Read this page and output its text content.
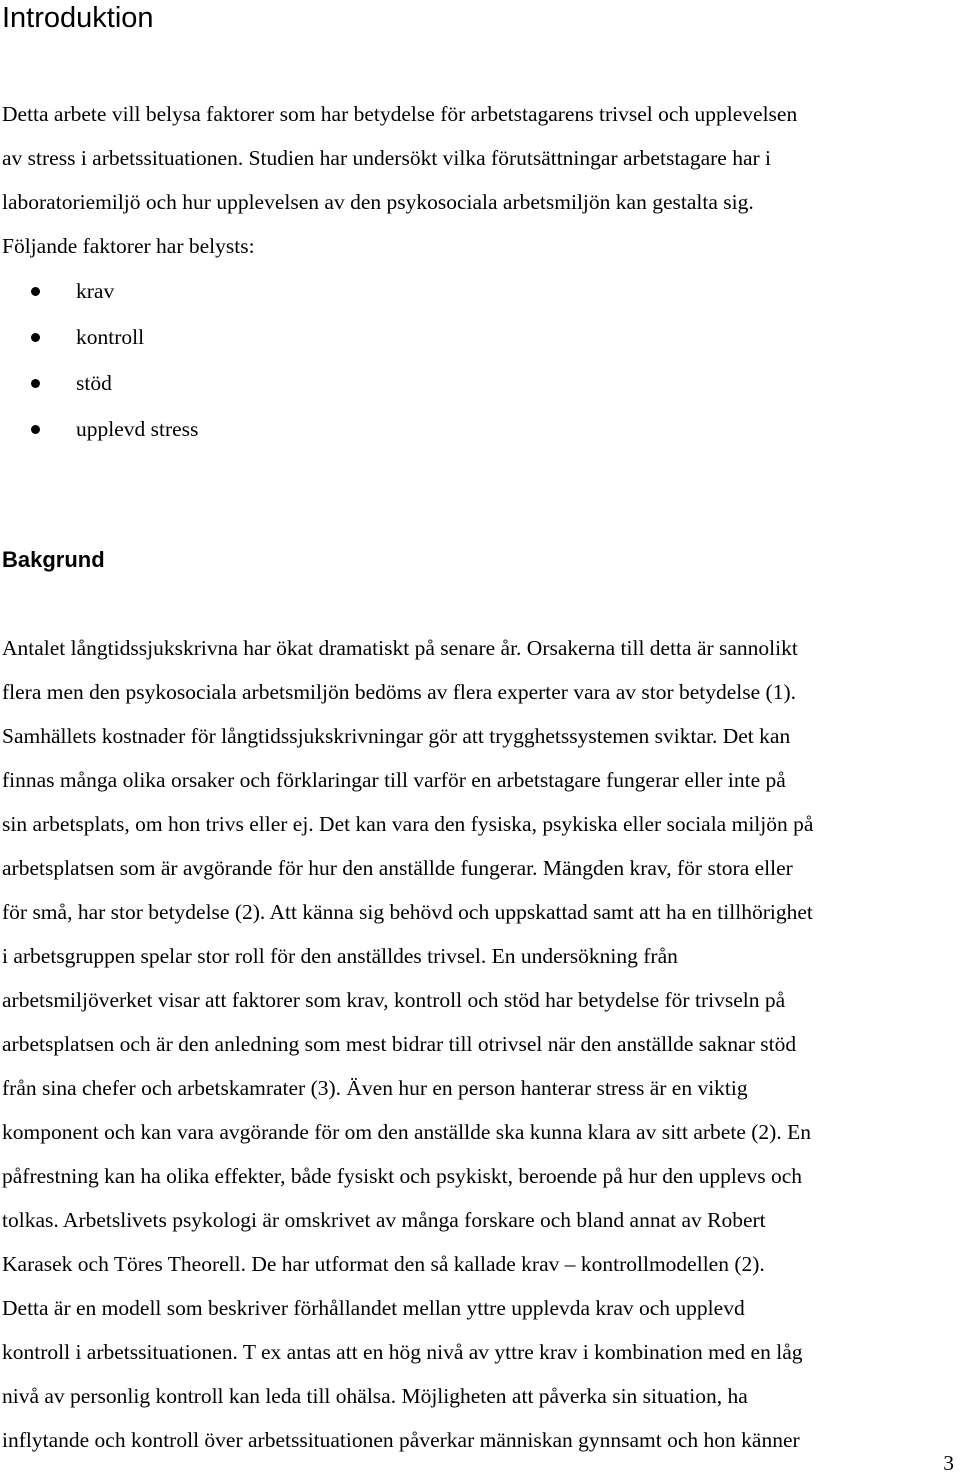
Introduktion
Detta arbete vill belysa faktorer som har betydelse för arbetstagarens trivsel och upplevelsen
av stress i arbetssituationen. Studien har undersökt vilka förutsättningar arbetstagare har i
laboratoriemiljö och hur upplevelsen av den psykosociala arbetsmiljön kan gestalta sig.
Följande faktorer har belysts:
krav
kontroll
stöd
upplevd stress
Bakgrund
Antalet långtidssjukskrivna har ökat dramatiskt på senare år. Orsakerna till detta är sannolikt
flera men den psykosociala arbetsmiljön bedöms av flera experter vara av stor betydelse (1).
Samhällets kostnader för långtidssjukskrivningar gör att trygghetssystemen sviktar. Det kan
finnas många olika orsaker och förklaringar till varför en arbetstagare fungerar eller inte på
sin arbetsplats, om hon trivs eller ej. Det kan vara den fysiska, psykiska eller sociala miljön på
arbetsplatsen som är avgörande för hur den anställde fungerar. Mängden krav, för stora eller
för små, har stor betydelse (2). Att känna sig behövd och uppskattad samt att ha en tillhörighet
i arbetsgruppen spelar stor roll för den anställdes trivsel. En undersökning från
arbetsmiljöverket visar att faktorer som krav, kontroll och stöd har betydelse för trivseln på
arbetsplatsen och är den anledning som mest bidrar till otrivsel när den anställde saknar stöd
från sina chefer och arbetskamrater (3). Även hur en person hanterar stress är en viktig
komponent och kan vara avgörande för om den anställde ska kunna klara av sitt arbete (2). En
påfrestning kan ha olika effekter, både fysiskt och psykiskt, beroende på hur den upplevs och
tolkas. Arbetslivets psykologi är omskrivet av många forskare och bland annat av Robert
Karasek och Töres Theorell. De har utformat den så kallade krav – kontrollmodellen (2).
Detta är en modell som beskriver förhållandet mellan yttre upplevda krav och upplevd
kontroll i arbetssituationen. T ex antas att en hög nivå av yttre krav i kombination med en låg
nivå av personlig kontroll kan leda till ohälsa. Möjligheten att påverka sin situation, ha
inflytande och kontroll över arbetssituationen påverkar människan gynnsamt och hon känner
3
